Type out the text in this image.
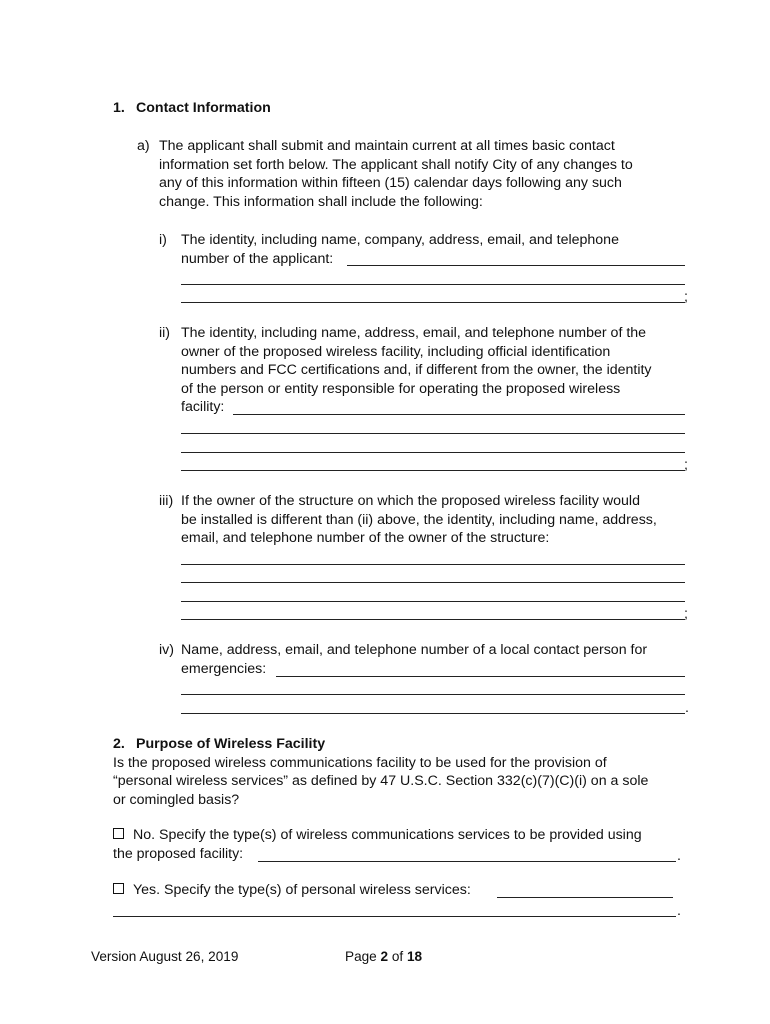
1. Contact Information
a) The applicant shall submit and maintain current at all times basic contact
information set forth below. The applicant shall notify City of any changes to
any of this information within fifteen (15) calendar days following any such
change. This information shall include the following:
i) The identity, including name, company, address, email, and telephone
number of the applicant:
;
ii) The identity, including name, address, email, and telephone number of the
owner of the proposed wireless facility, including official identification
numbers and FCC certifications and, if different from the owner, the identity
of the person or entity responsible for operating the proposed wireless
facility:
;
iii) If the owner of the structure on which the proposed wireless facility would
be installed is different than (ii) above, the identity, including name, address,
email, and telephone number of the owner of the structure:
;
iv) Name, address, email, and telephone number of a local contact person for
emergencies:
.
2. Purpose of Wireless Facility
Is the proposed wireless communications facility to be used for the provision of
“personal wireless services” as defined by 47 U.S.C. Section 332(c)(7)(C)(i) on a sole
or comingled basis?
No. Specify the type(s) of wireless communications services to be provided using
the proposed facility:	.
Yes. Specify the type(s) of personal wireless services:
.
Version August 26, 2019	Page 2 of 18
